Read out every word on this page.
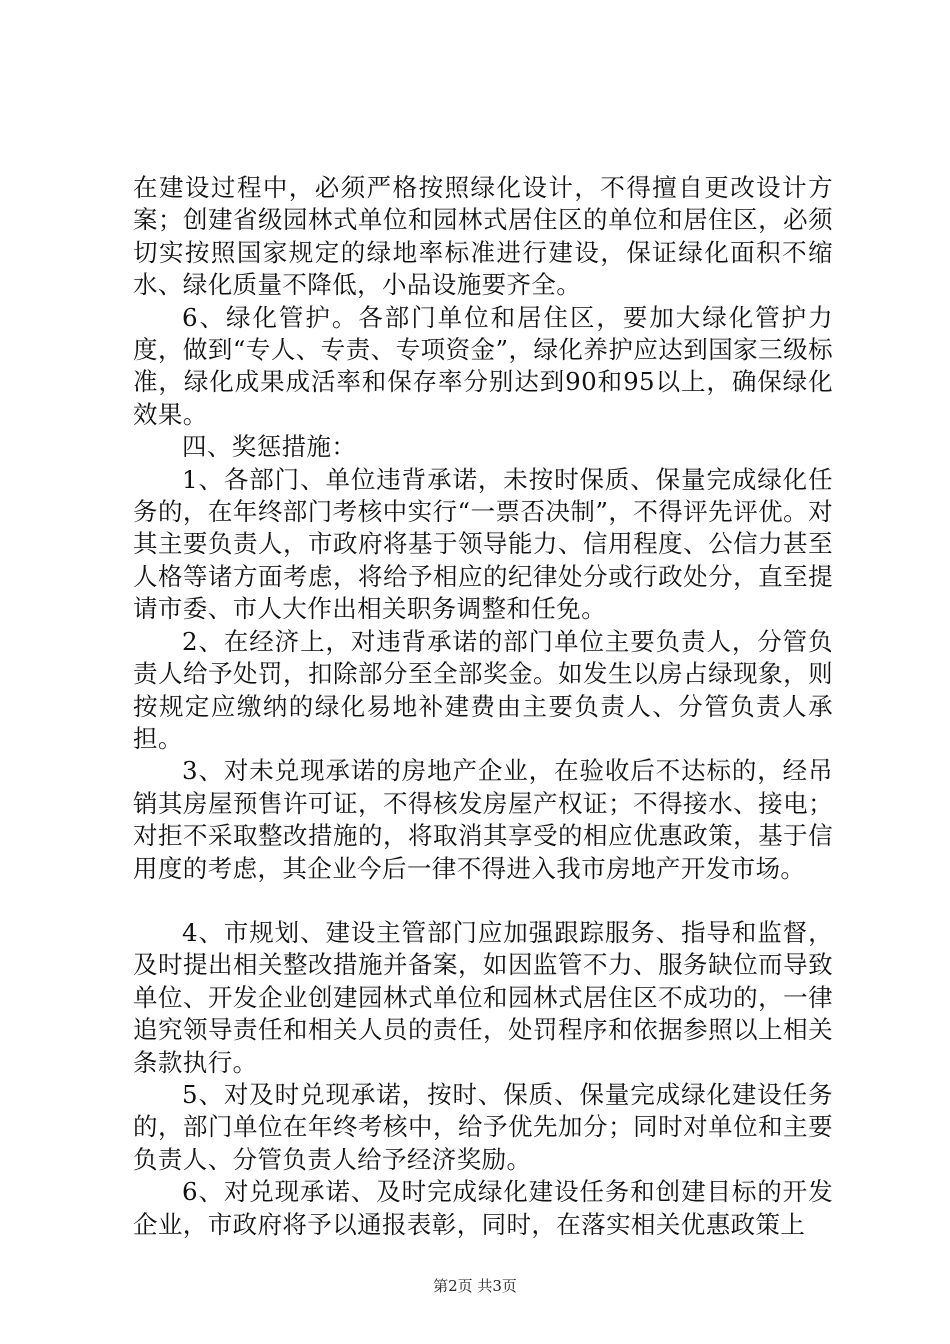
在建设过程中，必须严格按照绿化设计，不得擅自更改设计方案；创建省级园林式单位和园林式居住区的单位和居住区，必须切实按照国家规定的绿地率标准进行建设，保证绿化面积不缩水、绿化质量不降低，小品设施要齐全。

6、绿化管护。各部门单位和居住区，要加大绿化管护力度，做到“专人、专责、专项资金”，绿化养护应达到国家三级标准，绿化成果成活率和保存率分别达到90和95以上，确保绿化效果。

四、奖惩措施：

1、各部门、单位违背承诺，未按时保质、保量完成绿化任务的，在年终部门考核中实行“一票否决制”，不得评先评优。对其主要负责人，市政府将基于领导能力、信用程度、公信力甚至人格等诸方面考虑，将给予相应的纪律处分或行政处分，直至提请市委、市人大作出相关职务调整和任免。

2、在经济上，对违背承诺的部门单位主要负责人，分管负责人给予处罚，扣除部分至全部奖金。如发生以房占绿现象，则按规定应缴纳的绿化易地补建费由主要负责人、分管负责人承担。

3、对未兑现承诺的房地产企业，在验收后不达标的，经吊销其房屋预售许可证，不得核发房屋产权证；不得接水、接电；对拒不采取整改措施的，将取消其享受的相应优惠政策，基于信用度的考虑，其企业今后一律不得进入我市房地产开发市场。

4、市规划、建设主管部门应加强跟踪服务、指导和监督，及时提出相关整改措施并备案，如因监管不力、服务缺位而导致单位、开发企业创建园林式单位和园林式居住区不成功的，一律追究领导责任和相关人员的责任，处罚程序和依据参照以上相关条款执行。

5、对及时兑现承诺，按时、保质、保量完成绿化建设任务的，部门单位在年终考核中，给予优先加分；同时对单位和主要负责人、分管负责人给予经济奖励。

6、对兑现承诺、及时完成绿化建设任务和创建目标的开发企业，市政府将予以通报表彰，同时，在落实相关优惠政策上

第2页 共3页
